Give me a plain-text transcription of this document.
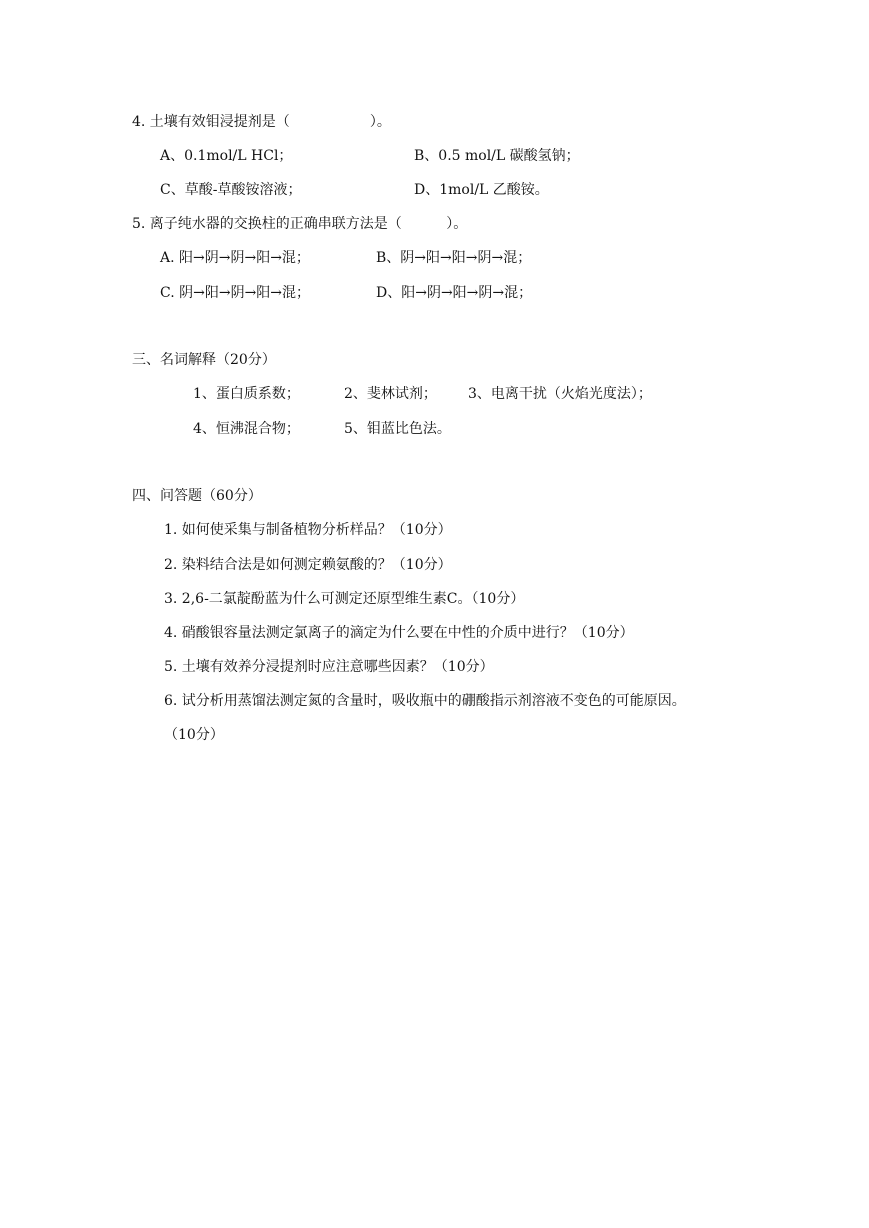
4. 土壤有效钼浸提剂是（                  ）。
A、0.1mol/L HCl；	B、0.5 mol/L 碳酸氢钠；
C、草酸-草酸铵溶液；	D、1mol/L 乙酸铵。
5. 离子纯水器的交换柱的正确串联方法是（          ）。
A. 阳→阴→阴→阳→混；	B、阴→阳→阳→阴→混；
C. 阴→阳→阴→阳→混；	D、阳→阴→阳→阴→混；
三、名词解释（20分）
1、蛋白质系数；	2、斐林试剂； 3、电离干扰（火焰光度法）；
4、恒沸混合物；	5、钼蓝比色法。
四、问答题（60分）
1. 如何使采集与制备植物分析样品？（10分）
2. 染料结合法是如何测定赖氨酸的？（10分）
3. 2,6-二氯靛酚蓝为什么可测定还原型维生素C。（10分）
4. 硝酸银容量法测定氯离子的滴定为什么要在中性的介质中进行？（10分）
5. 土壤有效养分浸提剂时应注意哪些因素？（10分）
6. 试分析用蒸馏法测定氮的含量时，吸收瓶中的硼酸指示剂溶液不变色的可能原因。
（10分）
